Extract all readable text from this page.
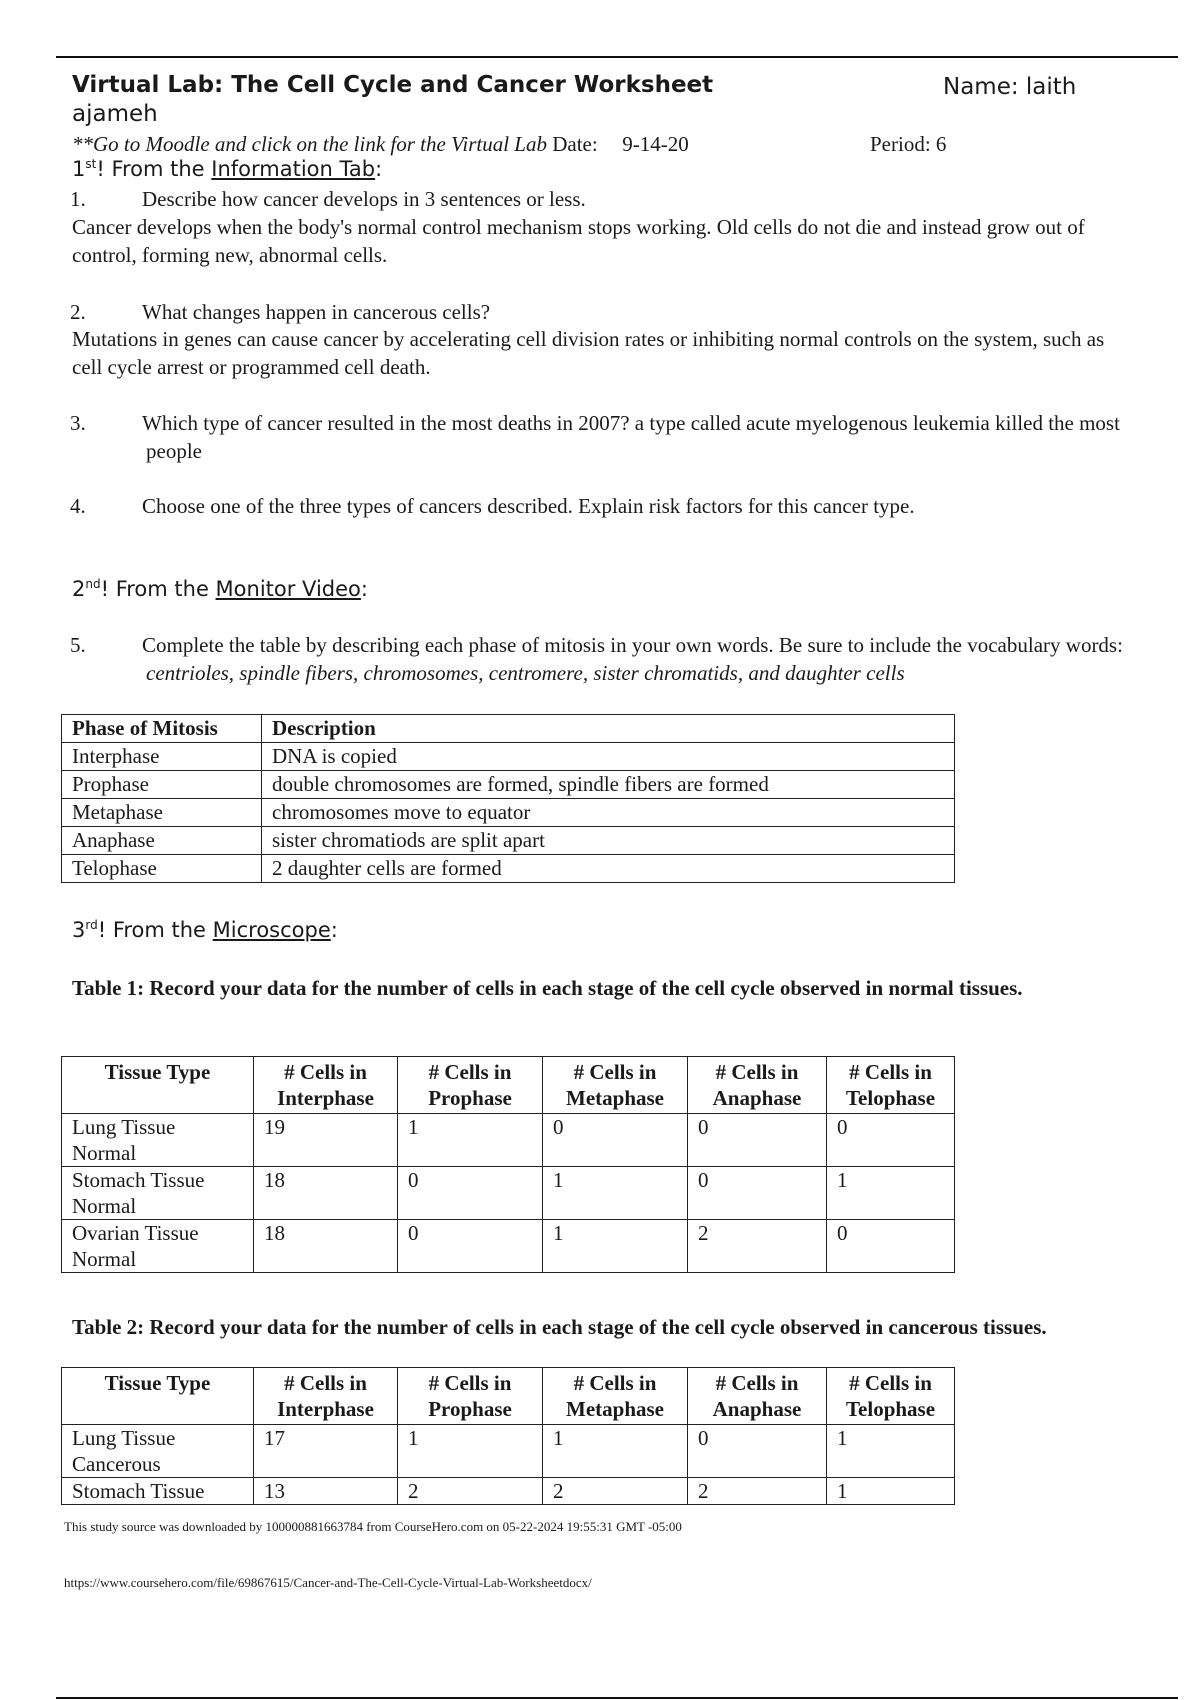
Virtual Lab: The Cell Cycle and Cancer Worksheet	Name: laith
ajameh
**Go to Moodle and click on the link for the Virtual Lab Date: 9-14-20	Period: 6
1st! From the Information Tab:
1.	Describe how cancer develops in 3 sentences or less.
Cancer develops when the body's normal control mechanism stops working. Old cells do not die and instead grow out of control, forming new, abnormal cells.
2.	What changes happen in cancerous cells?
Mutations in genes can cause cancer by accelerating cell division rates or inhibiting normal controls on the system, such as cell cycle arrest or programmed cell death.
3.	Which type of cancer resulted in the most deaths in 2007? a type called acute myelogenous leukemia killed the most people
4.	Choose one of the three types of cancers described. Explain risk factors for this cancer type.
2nd! From the Monitor Video:
5.	Complete the table by describing each phase of mitosis in your own words. Be sure to include the vocabulary words: centrioles, spindle fibers, chromosomes, centromere, sister chromatids, and daughter cells
Phase of Mitosis	Description
Interphase	DNA is copied
Prophase	double chromosomes are formed, spindle fibers are formed
Metaphase	chromosomes move to equator
Anaphase	sister chromatiods are split apart
Telophase	2 daughter cells are formed
3rd! From the Microscope:
Table 1: Record your data for the number of cells in each stage of the cell cycle observed in normal tissues.
Tissue Type	# Cells in Interphase	# Cells in Prophase	# Cells in Metaphase	# Cells in Anaphase	# Cells in Telophase
Lung Tissue Normal	19	1	0	0	0
Stomach Tissue Normal	18	0	1	0	1
Ovarian Tissue Normal	18	0	1	2	0
Table 2: Record your data for the number of cells in each stage of the cell cycle observed in cancerous tissues.
Tissue Type	# Cells in Interphase	# Cells in Prophase	# Cells in Metaphase	# Cells in Anaphase	# Cells in Telophase
Lung Tissue Cancerous	17	1	1	0	1
Stomach Tissue	13	2	2	2	1
This study source was downloaded by 100000881663784 from CourseHero.com on 05-22-2024 19:55:31 GMT -05:00
https://www.coursehero.com/file/69867615/Cancer-and-The-Cell-Cycle-Virtual-Lab-Worksheetdocx/
